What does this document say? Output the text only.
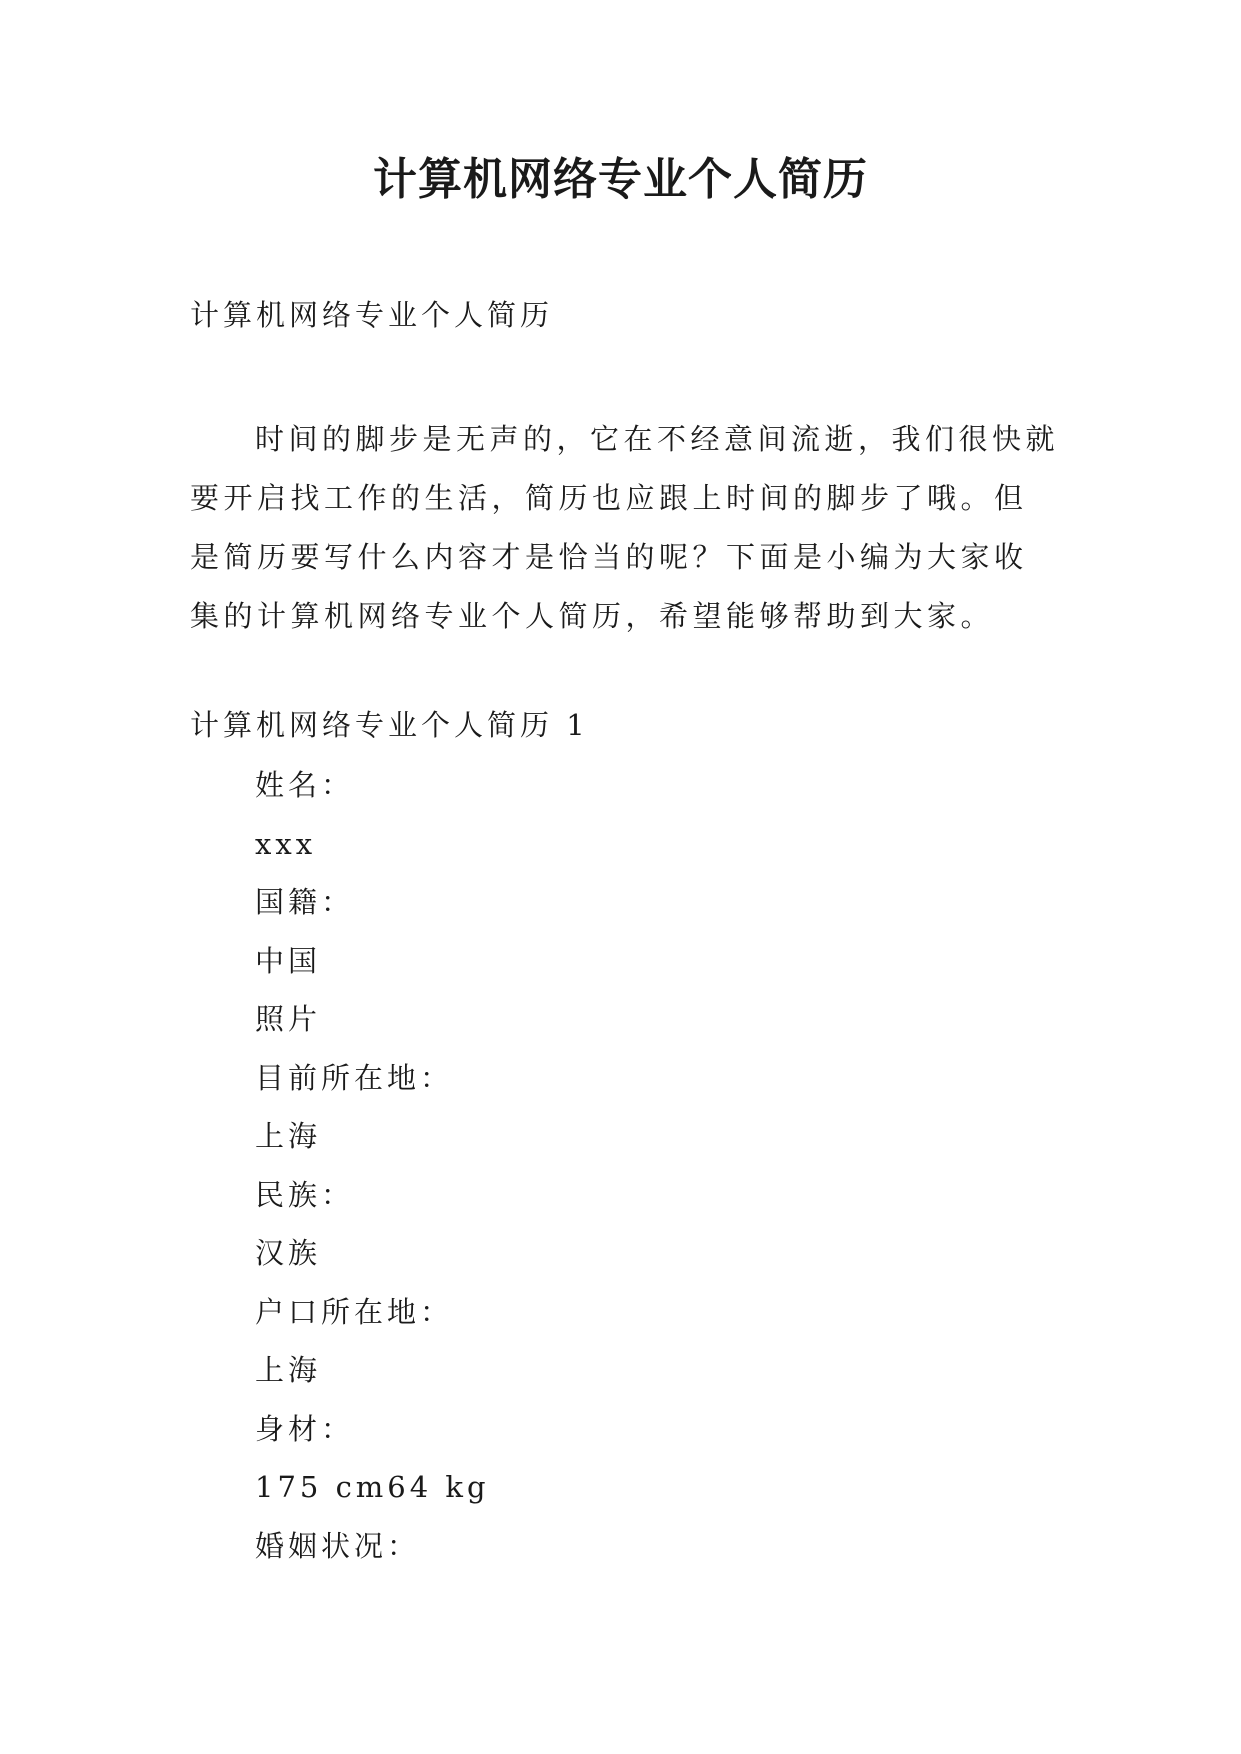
计算机网络专业个人简历
计算机网络专业个人简历

时间的脚步是无声的，它在不经意间流逝，我们很快就要开启找工作的生活，简历也应跟上时间的脚步了哦。但是简历要写什么内容才是恰当的呢？下面是小编为大家收集的计算机网络专业个人简历，希望能够帮助到大家。

计算机网络专业个人简历 1
姓名：
xxx
国籍：
中国
照片
目前所在地：
上海
民族：
汉族
户口所在地：
上海
身材：
175 cm64 kg
婚姻状况：
